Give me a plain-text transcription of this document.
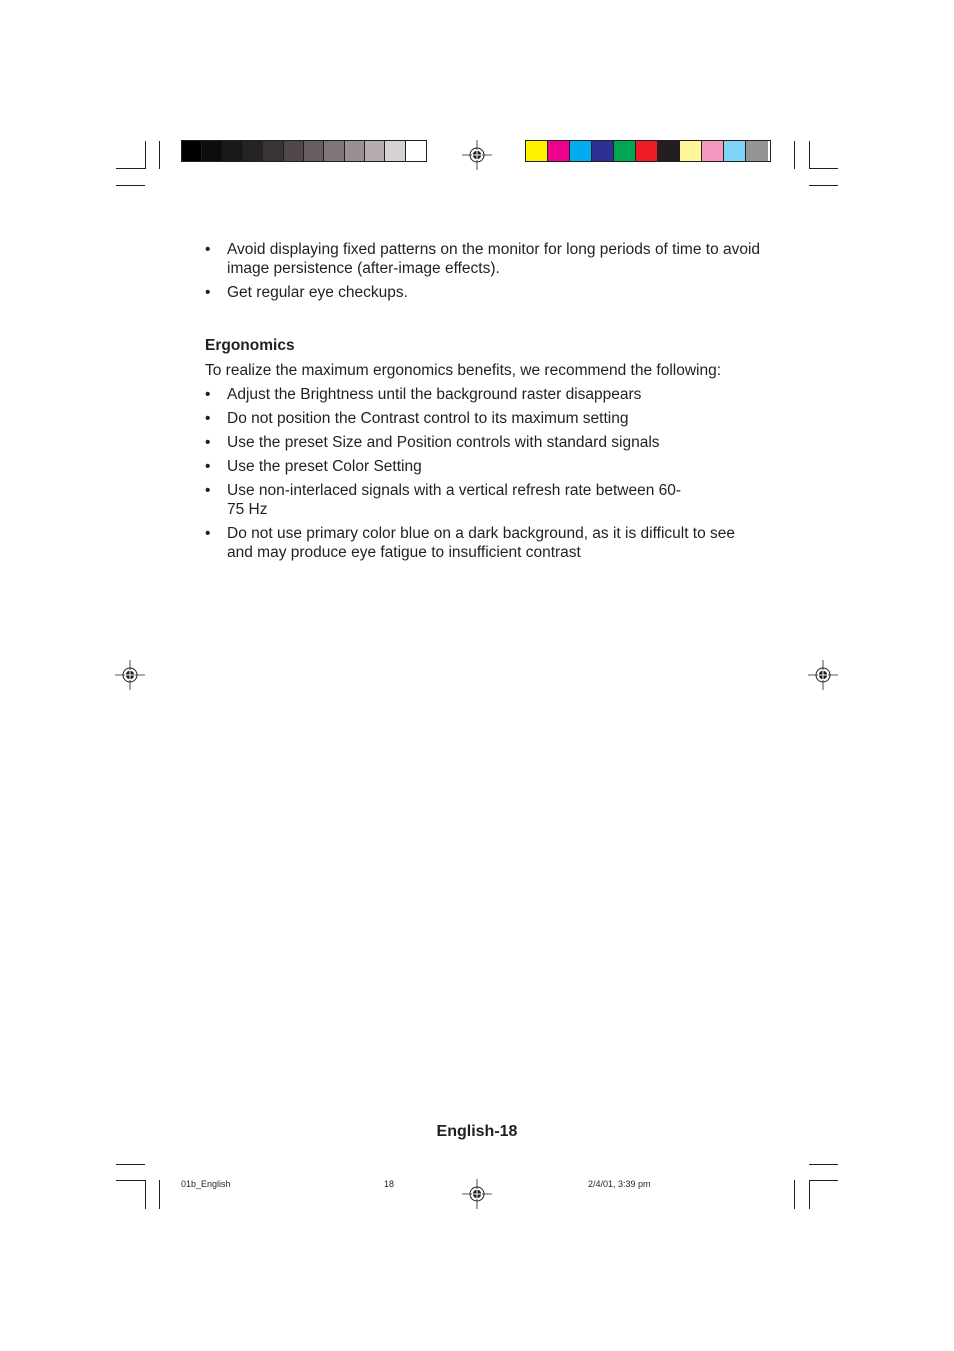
• Avoid displaying fixed patterns on the monitor for long periods of time to avoid image persistence (after-image effects).

• Get regular eye checkups.

Ergonomics

To realize the maximum ergonomics benefits, we recommend the following:

• Adjust the Brightness until the background raster disappears

• Do not position the Contrast control to its maximum setting

• Use the preset Size and Position controls with standard signals

• Use the preset Color Setting

• Use non-interlaced signals with a vertical refresh rate between 60-75 Hz

• Do not use primary color blue on a dark background, as it is difficult to see and may produce eye fatigue to insufficient contrast

English-18
01b_English	18	2/4/01, 3:39 pm
